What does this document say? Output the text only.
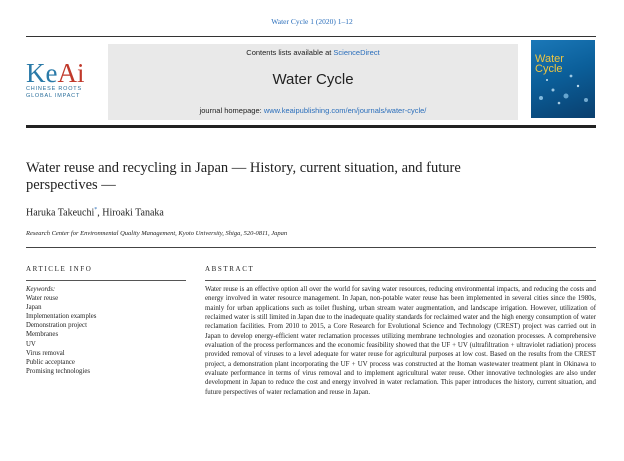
Water Cycle 1 (2020) 1–12
KeAi
CHINESE ROOTS
GLOBAL IMPACT
Contents lists available at ScienceDirect
Water Cycle
journal homepage: www.keaipublishing.com/en/journals/water-cycle/
Water
Cycle
Water reuse and recycling in Japan — History, current situation, and future
perspectives —
Haruka Takeuchi*, Hiroaki Tanaka
Research Center for Environmental Quality Management, Kyoto University, Shiga, 520-0811, Japan
ARTICLE INFO	ABSTRACT
Keywords:
Water reuse
Japan
Implementation examples
Demonstration project
Membranes
UV
Virus removal
Public acceptance
Promising technologies
Water reuse is an effective option all over the world for saving water resources, reducing environmental impacts, and reducing the costs and energy involved in water resource management. In Japan, non-potable water reuse has been implemented in several cities since the 1980s, mainly for urban applications such as toilet flushing, urban stream water augmentation, and landscape irrigation. However, utilization of reclaimed water is still limited in Japan due to the inadequate quality standards for reclaimed water and the high energy consumption of water reclamation facilities. From 2010 to 2015, a Core Research for Evolutional Science and Technology (CREST) project was carried out in Japan to develop energy-efficient water reclamation processes utilizing membrane technologies and ozonation processes. A comprehensive evaluation of the process performances and the economic feasibility showed that the UF + UV (ultrafiltration + ultraviolet radiation) process provided removal of viruses to a level adequate for water reuse for agricultural purposes at low cost. Based on the results from the CREST project, a demonstration plant incorporating the UF + UV process was constructed at the Itoman wastewater treatment plant in Okinawa to evaluate performance in terms of virus removal and to implement agricultural water reuse. Other innovative technologies are also under development in Japan to reduce the cost and energy involved in water reclamation. This paper introduces the history, current situation, and future perspectives of water reclamation and reuse in Japan.
